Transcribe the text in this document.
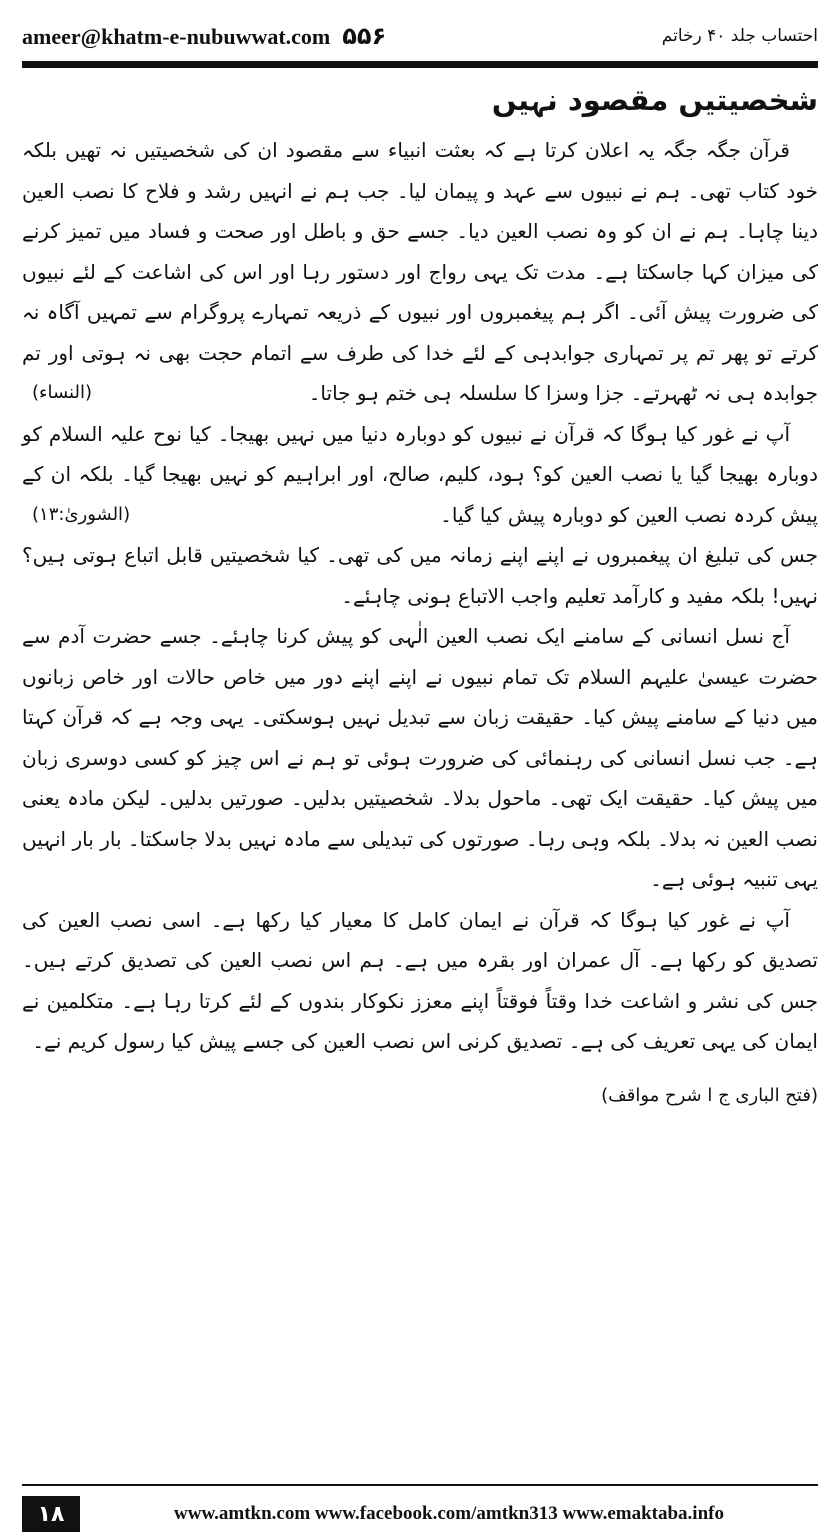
ameer@khatm-e-nubuwwat.com ۵۵۶	احتساب جلد ۴۰ رخاتم
شخصیتیں مقصود نہیں

قرآن جگہ جگہ یہ اعلان کرتا ہے کہ بعثت انبیاء سے مقصود ان کی شخصیتیں نہ تھیں بلکہ خود کتاب تھی۔ ہم نے نبیوں سے عہد و پیمان لیا۔ جب ہم نے انہیں رشد و فلاح کا نصب العین دینا چاہا۔ ہم نے ان کو وہ نصب العین دیا۔ جسے حق و باطل اور صحت و فساد میں تمیز کرنے کی میزان کہا جاسکتا ہے۔ مدت تک یہی رواج اور دستور رہا اور اس کی اشاعت کے لئے نبیوں کی ضرورت پیش آئی۔ اگر ہم پیغمبروں اور نبیوں کے ذریعہ تمہارے پروگرام سے تمہیں آگاہ نہ کرتے تو پھر تم پر تمہاری جوابدہی کے لئے خدا کی طرف سے اتمام حجت بھی نہ ہوتی اور تم جوابدہ ہی نہ ٹھہرتے۔ جزا وسزا کا سلسلہ ہی ختم ہو جاتا۔
(النساء)

آپ نے غور کیا ہوگا کہ قرآن نے نبیوں کو دوبارہ دنیا میں نہیں بھیجا۔ کیا نوح علیہ السلام کو دوبارہ بھیجا گیا یا نصب العین کو؟ ہود، کلیم، صالح، اور ابراہیم کو نہیں بھیجا گیا۔ بلکہ ان کے پیش کردہ نصب العین کو دوبارہ پیش کیا گیا۔
(الشوریٰ:۱۳)

جس کی تبلیغ ان پیغمبروں نے اپنے اپنے زمانہ میں کی تھی۔ کیا شخصیتیں قابل اتباع ہوتی ہیں؟ نہیں! بلکہ مفید و کارآمد تعلیم واجب الاتباع ہونی چاہئے۔

آج نسل انسانی کے سامنے ایک نصب العین الٰہی کو پیش کرنا چاہئے۔ جسے حضرت آدم سے حضرت عیسیٰ علیہم السلام تک تمام نبیوں نے اپنے اپنے دور میں خاص حالات اور خاص زبانوں میں دنیا کے سامنے پیش کیا۔ حقیقت زبان سے تبدیل نہیں ہوسکتی۔ یہی وجہ ہے کہ قرآن کہتا ہے۔ جب نسل انسانی کی رہنمائی کی ضرورت ہوئی تو ہم نے اس چیز کو کسی دوسری زبان میں پیش کیا۔ حقیقت ایک تھی۔ ماحول بدلا۔ شخصیتیں بدلیں۔ صورتیں بدلیں۔ لیکن مادہ یعنی نصب العین نہ بدلا۔ بلکہ وہی رہا۔ صورتوں کی تبدیلی سے مادہ نہیں بدلا جاسکتا۔ بار بار انہیں یہی تنبیہ ہوئی ہے۔

آپ نے غور کیا ہوگا کہ قرآن نے ایمان کامل کا معیار کیا رکھا ہے۔ اسی نصب العین کی تصدیق کو رکھا ہے۔ آل عمران اور بقرہ میں ہے۔ ہم اس نصب العین کی تصدیق کرتے ہیں۔ جس کی نشر و اشاعت خدا وقتاً فوقتاً اپنے معزز نکوکار بندوں کے لئے کرتا رہا ہے۔ متکلمین نے ایمان کی یہی تعریف کی ہے۔ تصدیق کرنی اس نصب العین کی جسے پیش کیا رسول کریم نے۔

(فتح الباری ج ا شرح مواقف)
۱۸	www.amtkn.com www.facebook.com/amtkn313 www.emaktaba.info
